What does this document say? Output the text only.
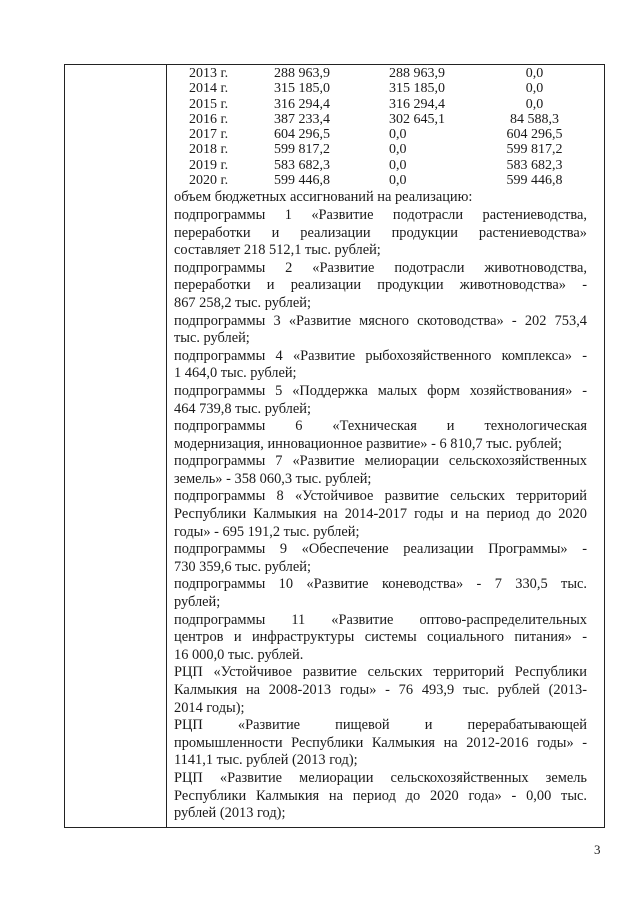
2013 г.	288 963,9	288 963,9	0,0
2014 г.	315 185,0	315 185,0	0,0
2015 г.	316 294,4	316 294,4	0,0
2016 г.	387 233,4	302 645,1	84 588,3
2017 г.	604 296,5	0,0	604 296,5
2018 г.	599 817,2	0,0	599 817,2
2019 г.	583 682,3	0,0	583 682,3
2020 г.	599 446,8	0,0	599 446,8
объем бюджетных ассигнований на реализацию:
подпрограммы 1 «Развитие подотрасли растениеводства,
переработки и реализации продукции растениеводства»
составляет 218 512,1 тыс. рублей;
подпрограммы 2 «Развитие подотрасли животноводства,
переработки и реализации продукции животноводства» -
867 258,2 тыс. рублей;
подпрограммы 3 «Развитие мясного скотоводства» - 202 753,4
тыс. рублей;
подпрограммы 4 «Развитие рыбохозяйственного комплекса» -
1 464,0 тыс. рублей;
подпрограммы 5 «Поддержка малых форм хозяйствования» -
464 739,8 тыс. рублей;
подпрограммы 6 «Техническая и технологическая
модернизация, инновационное развитие» - 6 810,7 тыс. рублей;
подпрограммы 7 «Развитие мелиорации сельскохозяйственных
земель» - 358 060,3 тыс. рублей;
подпрограммы 8 «Устойчивое развитие сельских территорий
Республики Калмыкия на 2014-2017 годы и на период до 2020
годы» - 695 191,2 тыс. рублей;
подпрограммы 9 «Обеспечение реализации Программы» -
730 359,6 тыс. рублей;
подпрограммы 10 «Развитие коневодства» - 7 330,5 тыс.
рублей;
подпрограммы 11 «Развитие оптово-распределительных
центров и инфраструктуры системы социального питания» -
16 000,0 тыс. рублей.
РЦП «Устойчивое развитие сельских территорий Республики
Калмыкия на 2008-2013 годы» - 76 493,9 тыс. рублей (2013-
2014 годы);
РЦП «Развитие пищевой и перерабатывающей
промышленности Республики Калмыкия на 2012-2016 годы» -
1141,1 тыс. рублей (2013 год);
РЦП «Развитие мелиорации сельскохозяйственных земель
Республики Калмыкия на период до 2020 года» - 0,00 тыс.
рублей (2013 год);
3
